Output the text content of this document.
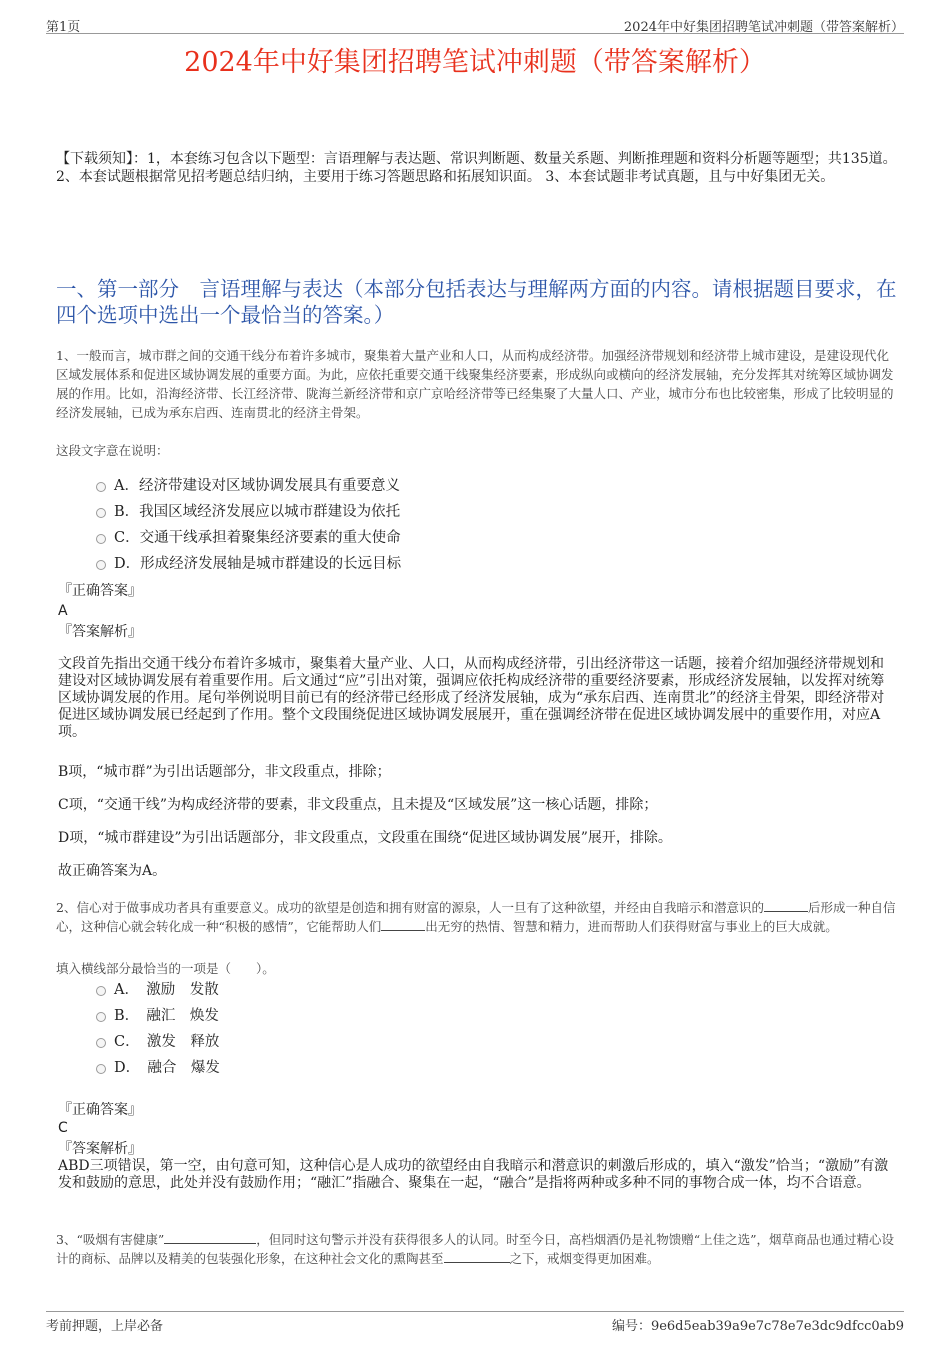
第1页	2024年中好集团招聘笔试冲刺题（带答案解析）
2024年中好集团招聘笔试冲刺题（带答案解析）
【下载须知】：1，本套练习包含以下题型：言语理解与表达题、常识判断题、数量关系题、判断推理题和资料分析题等题型；共135道。 2、本套试题根据常见招考题总结归纳，主要用于练习答题思路和拓展知识面。 3、本套试题非考试真题，且与中好集团无关。
一、第一部分　言语理解与表达（本部分包括表达与理解两方面的内容。请根据题目要求，在四个选项中选出一个最恰当的答案。）
1、一般而言，城市群之间的交通干线分布着许多城市，聚集着大量产业和人口，从而构成经济带。加强经济带规划和经济带上城市建设，是建设现代化区域发展体系和促进区域协调发展的重要方面。为此，应依托重要交通干线聚集经济要素，形成纵向或横向的经济发展轴，充分发挥其对统筹区域协调发展的作用。比如，沿海经济带、长江经济带、陇海兰新经济带和京广京哈经济带等已经集聚了大量人口、产业，城市分布也比较密集，形成了比较明显的经济发展轴，已成为承东启西、连南贯北的经济主骨架。
这段文字意在说明：
A．经济带建设对区域协调发展具有重要意义
B．我国区域经济发展应以城市群建设为依托
C．交通干线承担着聚集经济要素的重大使命
D．形成经济发展轴是城市群建设的长远目标
『正确答案』
A
『答案解析』
文段首先指出交通干线分布着许多城市，聚集着大量产业、人口，从而构成经济带，引出经济带这一话题，接着介绍加强经济带规划和建设对区域协调发展有着重要作用。后文通过“应”引出对策，强调应依托构成经济带的重要经济要素，形成经济发展轴，以发挥对统筹区域协调发展的作用。尾句举例说明目前已有的经济带已经形成了经济发展轴，成为“承东启西、连南贯北”的经济主骨架，即经济带对促进区域协调发展已经起到了作用。整个文段围绕促进区域协调发展展开，重在强调经济带在促进区域协调发展中的重要作用，对应A项。
B项，“城市群”为引出话题部分，非文段重点，排除；
C项，“交通干线”为构成经济带的要素，非文段重点，且未提及“区域发展”这一核心话题，排除；
D项，“城市群建设”为引出话题部分，非文段重点，文段重在围绕“促进区域协调发展”展开，排除。
故正确答案为A。
2、信心对于做事成功者具有重要意义。成功的欲望是创造和拥有财富的源泉，人一旦有了这种欲望，并经由自我暗示和潜意识的	后形成一种自信心，这种信心就会转化成一种“积极的感情”，它能帮助人们	出无穷的热情、智慧和精力，进而帮助人们获得财富与事业上的巨大成就。
填入横线部分最恰当的一项是（　　）。
A．　激励　发散
B．　融汇　焕发
C．　激发　释放
D．　融合　爆发
『正确答案』
C
『答案解析』
ABD三项错误，第一空，由句意可知，这种信心是人成功的欲望经由自我暗示和潜意识的刺激后形成的，填入“激发”恰当；“激励”有激发和鼓励的意思，此处并没有鼓励作用；“融汇”指融合、聚集在一起，“融合”是指将两种或多种不同的事物合成一体，均不合语意。
3、“吸烟有害健康”	，但同时这句警示并没有获得很多人的认同。时至今日，高档烟酒仍是礼物馈赠“上佳之选”，烟草商品也通过精心设计的商标、品牌以及精美的包装强化形象，在这种社会文化的熏陶甚至	之下，戒烟变得更加困难。
考前押题，上岸必备	编号：9e6d5eab39a9e7c78e7e3dc9dfcc0ab9
